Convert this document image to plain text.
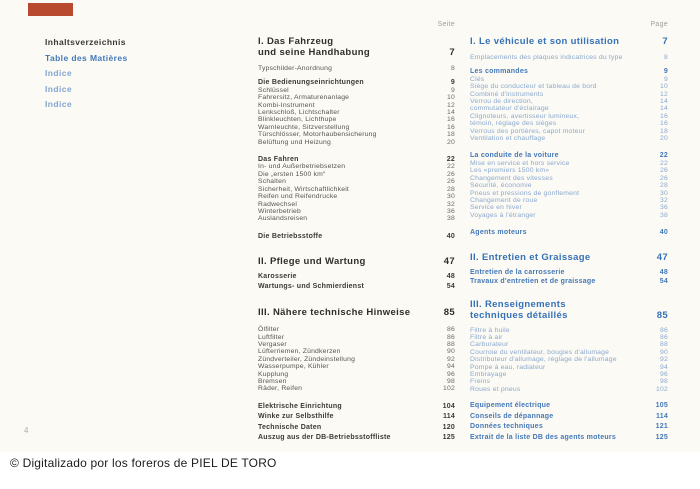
Inhaltsverzeichnis
Table des Matières
Indice
Indice
Indice
Seite	Page
I. Das Fahrzeug
und seine Handhabung	7
Typschilder-Anordnung	8
Die Bedienungseinrichtungen	9
Schlüssel	9
Fahrersitz, Armaturenanlage	10
Kombi-Instrument	12
Lenkschloß, Lichtschalter	14
Blinkleuchten, Lichthupe	16
Warnleuchte, Sitzverstellung	16
Türschlösser, Motorhaubensicherung	18
Belüftung und Heizung	20
Das Fahren	22
In- und Außerbetriebsetzen	22
Die „ersten 1500 km“	26
Schalten	26
Sicherheit, Wirtschaftlichkeit	28
Reifen und Reifendrucke	30
Radwechsel	32
Winterbetrieb	36
Auslandsreisen	38
Die Betriebsstoffe	40
II. Pflege und Wartung	47
Karosserie	48
Wartungs- und Schmierdienst	54
III. Nähere technische Hinweise	85
Ölfilter	86
Luftfilter	86
Vergaser	88
Lüfterriemen, Zündkerzen	90
Zündverteiler, Zündeinstellung	92
Wasserpumpe, Kühler	94
Kupplung	96
Bremsen	98
Räder, Reifen	102
Elektrische Einrichtung	104
Winke zur Selbsthilfe	114
Technische Daten	120
Auszug aus der DB-Betriebsstoffliste	125
I. Le véhicule et son utilisation	7
Emplacements des plaques indicatrices du type	8
Les commandes	9
Clés	9
Siège du conducteur et tableau de bord	10
Combiné d'instruments	12
Verrou de direction,	14
commutateur d'éclairage	14
Clignoteurs, avertisseur lumineux,	16
témoin, réglage des sièges	16
Verrous des portières, capot moteur	18
Ventilation et chauffage	20
La conduite de la voiture	22
Mise en service et hors service	22
Les «premiers 1500 km»	26
Changement des vitesses	26
Sécurité, économie	28
Pneus et pressions de gonflement	30
Changement de roue	32
Service en hiver	36
Voyages à l'étranger	38
Agents moteurs	40
II. Entretien et Graissage	47
Entretien de la carrosserie	48
Travaux d'entretien et de graissage	54
III. Renseignements
techniques détaillés	85
Filtre à huile	86
Filtre à air	86
Carburateur	88
Courroie du ventilateur, bougies d'allumage	90
Distributeur d'allumage, réglage de l'allumage	92
Pompe à eau, radiateur	94
Embrayage	96
Freins	98
Roues et pneus	102
Equipement électrique	105
Conseils de dépannage	114
Données techniques	121
Extrait de la liste DB des agents moteurs	125
4
© Digitalizado por los foreros de PIEL DE TORO
